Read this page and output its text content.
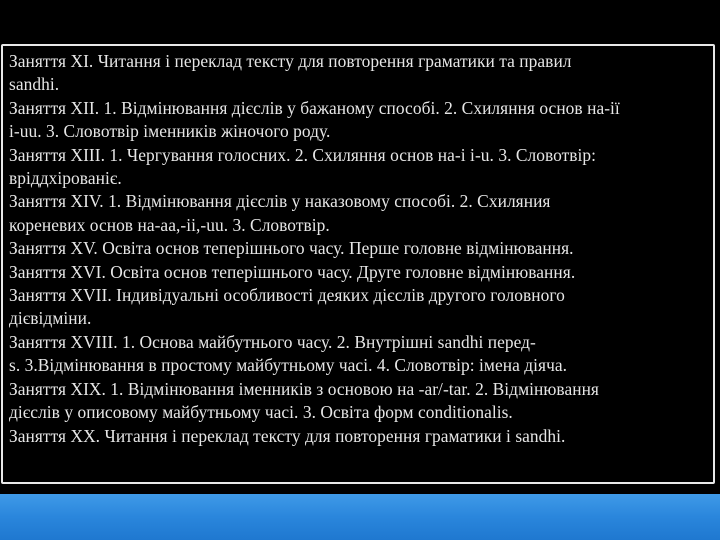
Заняття XI. Читання і переклад тексту для повторення граматики та правил
sandhi.
Заняття XII. 1. Відмінювання дієслів у бажаному способі. 2. Схиляння основ на-ії
і-uu. 3. Словотвір іменників жіночого роду.
Заняття XIII. 1. Чергування голосних. 2. Схиляння основ на-і і-u. 3. Словотвір:
вріддхірованіє.
Заняття XIV. 1. Відмінювання дієслів у наказовому способі. 2. Схиляния
кореневих основ на-аа,-іі,-uu. 3. Словотвір.
Заняття XV. Освіта основ теперішнього часу. Перше головне відмінювання.
Заняття XVI. Освіта основ теперішнього часу. Друге головне відмінювання.
Заняття XVII. Індивідуальні особливості деяких дієслів другого головного
дієвідміни.
Заняття XVIII. 1. Основа майбутнього часу. 2. Внутрішні sandhi перед-
s. 3.Відмінювання в простому майбутньому часі. 4. Словотвір: імена діяча.
Заняття XIX. 1. Відмінювання іменників з основою на -ar/-tar. 2. Відмінювання
дієслів у описовому майбутньому часі. 3. Освіта форм conditionalis.
Заняття XX. Читання і переклад тексту для повторення граматики і sandhi.
